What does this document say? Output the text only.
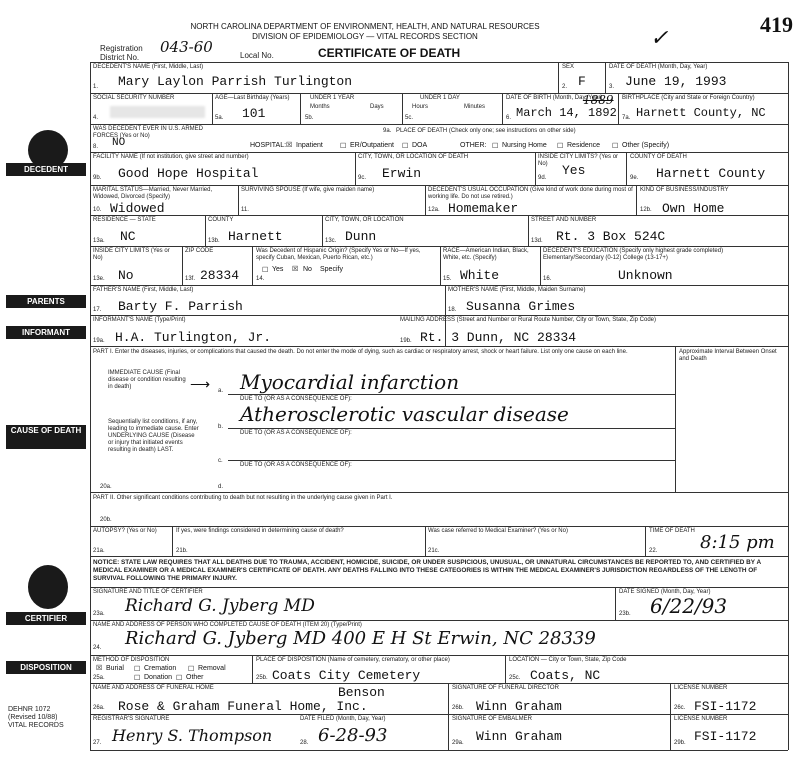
NORTH CAROLINA DEPARTMENT OF ENVIRONMENT, HEALTH, AND NATURAL RESOURCES
DIVISION OF EPIDEMIOLOGY — VITAL RECORDS SECTION
CERTIFICATE OF DEATH
Registration District No.
043-60	Local No.
419
✓
DECEDENT
PARENTS
INFORMANT
CAUSE OF DEATH
CERTIFIER
DISPOSITION
DEHNR 1072 (Revised 10/88) VITAL RECORDS
DECEDENT'S NAME (First, Middle, Last)
1. Mary Laylon Parrish Turlington
SEX
2. F
DATE OF DEATH (Month, Day, Year)
3. June 19, 1993
SOCIAL SECURITY NUMBER
4.
AGE—Last Birthday (Years)
5a. 101
UNDER 1 YEAR
Months	Days
5b.
UNDER 1 DAY
Hours	Minutes
5c.
DATE OF BIRTH (Month, Day, Year)
6. March 14, 1892
1889 BIRTHPLACE (City and State or Foreign Country)
7a. Harnett County, NC
WAS DECEDENT EVER IN U.S. ARMED FORCES (Yes or No)
8. NO
9a. PLACE OF DEATH (Check only one; see instructions on other side)
HOSPITAL: ☒ Inpatient ☐ ER/Outpatient ☐ DOA	OTHER: ☐ Nursing Home ☐ Residence ☐ Other (Specify)
FACILITY NAME (If not institution, give street and number)
9b. Good Hope Hospital
CITY, TOWN, OR LOCATION OF DEATH
9c. Erwin
INSIDE CITY LIMITS? (Yes or No)
9d. Yes
COUNTY OF DEATH
9e. Harnett County
MARITAL STATUS—Married, Never Married, Widowed, Divorced (Specify)
10. Widowed
SURVIVING SPOUSE (If wife, give maiden name)
11.
DECEDENT'S USUAL OCCUPATION (Give kind of work done during most of working life. Do not use retired.)
12a. Homemaker
KIND OF BUSINESS/INDUSTRY
12b. Own Home
RESIDENCE — STATE
13a. NC
COUNTY
13b. Harnett
CITY, TOWN, OR LOCATION
13c. Dunn
STREET AND NUMBER
13d. Rt. 3 Box 524C
INSIDE CITY LIMITS (Yes or No)
13e. No
ZIP CODE
13f. 28334
Was Decedent of Hispanic Origin? (Specify Yes or No—If yes, specify Cuban, Mexican, Puerto Rican, etc.)
☐ Yes ☒ No Specify
14.
RACE—American Indian, Black, White, etc. (Specify)
15. White
DECEDENT'S EDUCATION (Specify only highest grade completed) Elementary/Secondary (0-12) College (13-17+)
16.	Unknown
FATHER'S NAME (First, Middle, Last)
17. Barty F. Parrish
MOTHER'S NAME (First, Middle, Maiden Surname)
18. Susanna Grimes
INFORMANT'S NAME (Type/Print)
19a. H.A. Turlington, Jr.
MAILING ADDRESS (Street and Number or Rural Route Number, City or Town, State, Zip Code)
19b. Rt. 3 Dunn, NC 28334
PART I. Enter the diseases, injuries, or complications that caused the death. Do not enter the mode of dying, such as cardiac or respiratory arrest, shock or heart failure. List only one cause on each line.	Approximate Interval Between Onset and Death
IMMEDIATE CAUSE (Final disease or condition resulting in death)	⟶ a. Myocardial infarction
DUE TO (OR AS A CONSEQUENCE OF):
Sequentially list conditions, if any, leading to immediate cause. Enter UNDERLYING CAUSE (Disease or injury that initiated events resulting in death) LAST.
b.
Atherosclerotic vascular disease
DUE TO (OR AS A CONSEQUENCE OF):
c.
DUE TO (OR AS A CONSEQUENCE OF):
d.
20a.
PART II. Other significant conditions contributing to death but not resulting in the underlying cause given in Part I.
20b.
AUTOPSY? (Yes or No)
21a.
If yes, were findings considered in determining cause of death?
21b.
Was case referred to Medical Examiner? (Yes or No)
21c.
TIME OF DEATH
22. 8:15 pm
NOTICE: STATE LAW REQUIRES THAT ALL DEATHS DUE TO TRAUMA, ACCIDENT, HOMICIDE, SUICIDE, OR UNDER SUSPICIOUS, UNUSUAL, OR UNNATURAL CIRCUMSTANCES BE REPORTED TO, AND CERTIFIED BY A MEDICAL EXAMINER OR A MEDICAL EXAMINER'S CERTIFICATE OF DEATH. ANY DEATHS FALLING INTO THESE CATEGORIES IS WITHIN THE MEDICAL EXAMINER'S JURISDICTION REGARDLESS OF THE LENGTH OF SURVIVAL FOLLOWING THE PRIMARY INJURY.
SIGNATURE AND TITLE OF CERTIFIER
23a. Richard G. Jyberg MD
DATE SIGNED (Month, Day, Year)
23b. 6/22/93
NAME AND ADDRESS OF PERSON WHO COMPLETED CAUSE OF DEATH (ITEM 20) (Type/Print)
24. Richard G. Jyberg MD 400 E H St Erwin, NC 28339
METHOD OF DISPOSITION
☒ Burial ☐ Cremation ☐ Removal
☐ Donation ☐ Other
25a.
PLACE OF DISPOSITION (Name of cemetery, crematory, or other place)
25b. Coats City Cemetery
LOCATION — City or Town, State, Zip Code
25c. Coats, NC
NAME AND ADDRESS OF FUNERAL HOME	Benson
26a. Rose & Graham Funeral Home, Inc.
SIGNATURE OF FUNERAL DIRECTOR
26b. Winn Graham
LICENSE NUMBER
26c. FSI-1172
REGISTRAR'S SIGNATURE
27. Henry S. Thompson
DATE FILED (Month, Day, Year)
28. 6-28-93
SIGNATURE OF EMBALMER
29a. Winn Graham
LICENSE NUMBER
29b. FSI-1172
